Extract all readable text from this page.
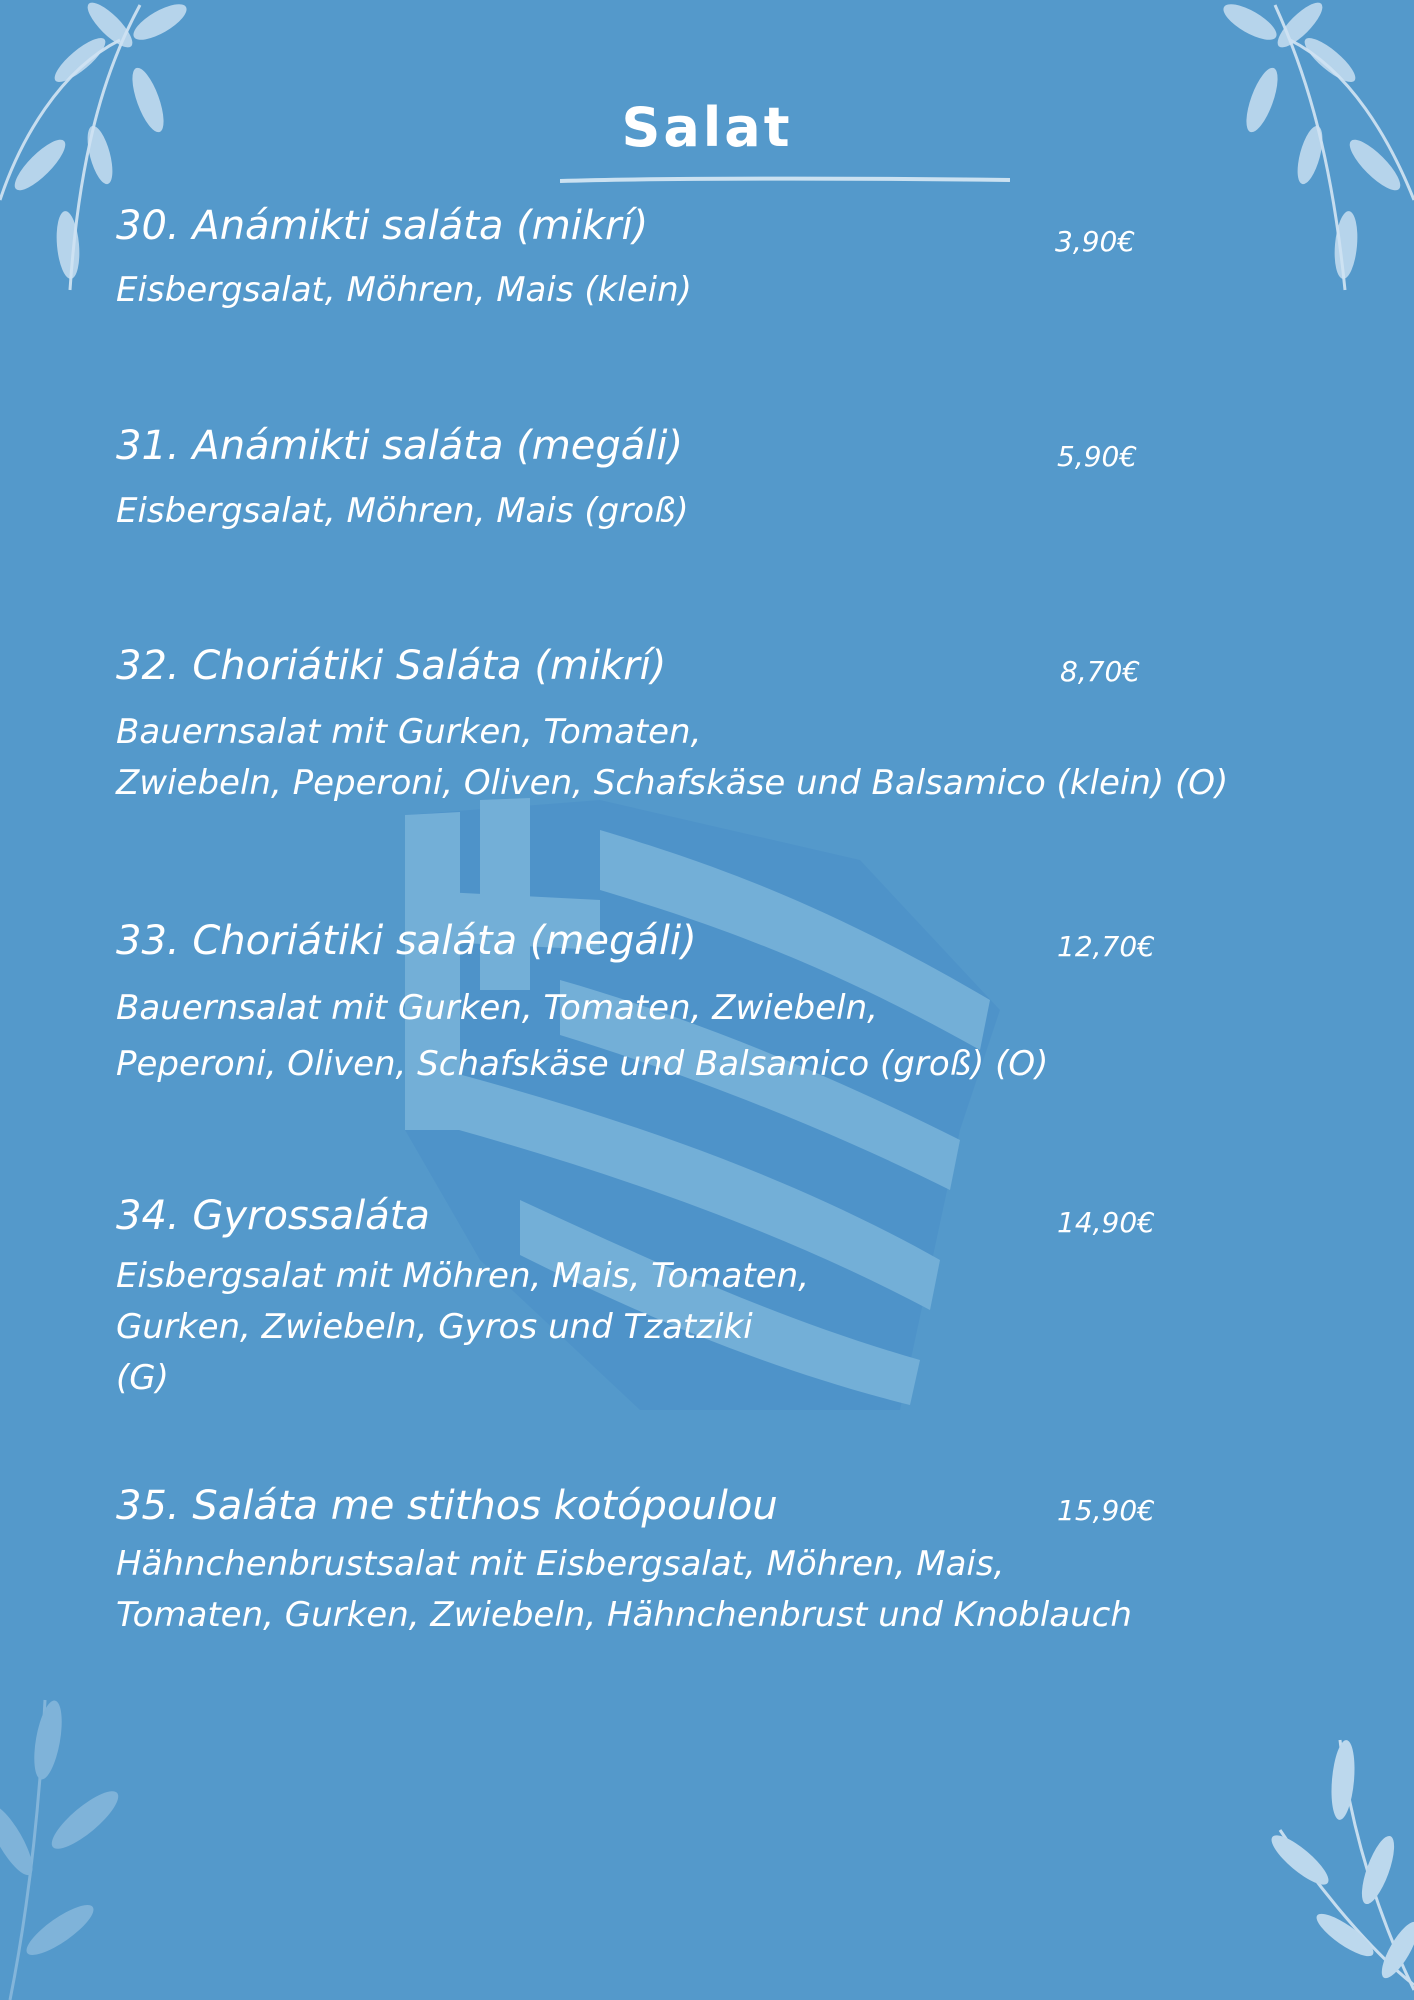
Salat
30. Anámikti saláta (mikrí)	3,90€
Eisbergsalat, Möhren, Mais (klein)
31. Anámikti saláta (megáli)	5,90€
Eisbergsalat, Möhren, Mais (groß)
32. Choriátiki Saláta (mikrí)	8,70€
Bauernsalat mit Gurken, Tomaten,
Zwiebeln, Peperoni, Oliven, Schafskäse und Balsamico (klein) (O)
33. Choriátiki saláta (megáli)	12,70€
Bauernsalat mit Gurken, Tomaten, Zwiebeln,
Peperoni, Oliven, Schafskäse und Balsamico (groß) (O)
34. Gyrossaláta	14,90€
Eisbergsalat mit Möhren, Mais, Tomaten,
Gurken, Zwiebeln, Gyros und Tzatziki
(G)
35. Saláta me stithos kotópoulou	15,90€
Hähnchenbrustsalat mit Eisbergsalat, Möhren, Mais,
Tomaten, Gurken, Zwiebeln, Hähnchenbrust und Knoblauch
